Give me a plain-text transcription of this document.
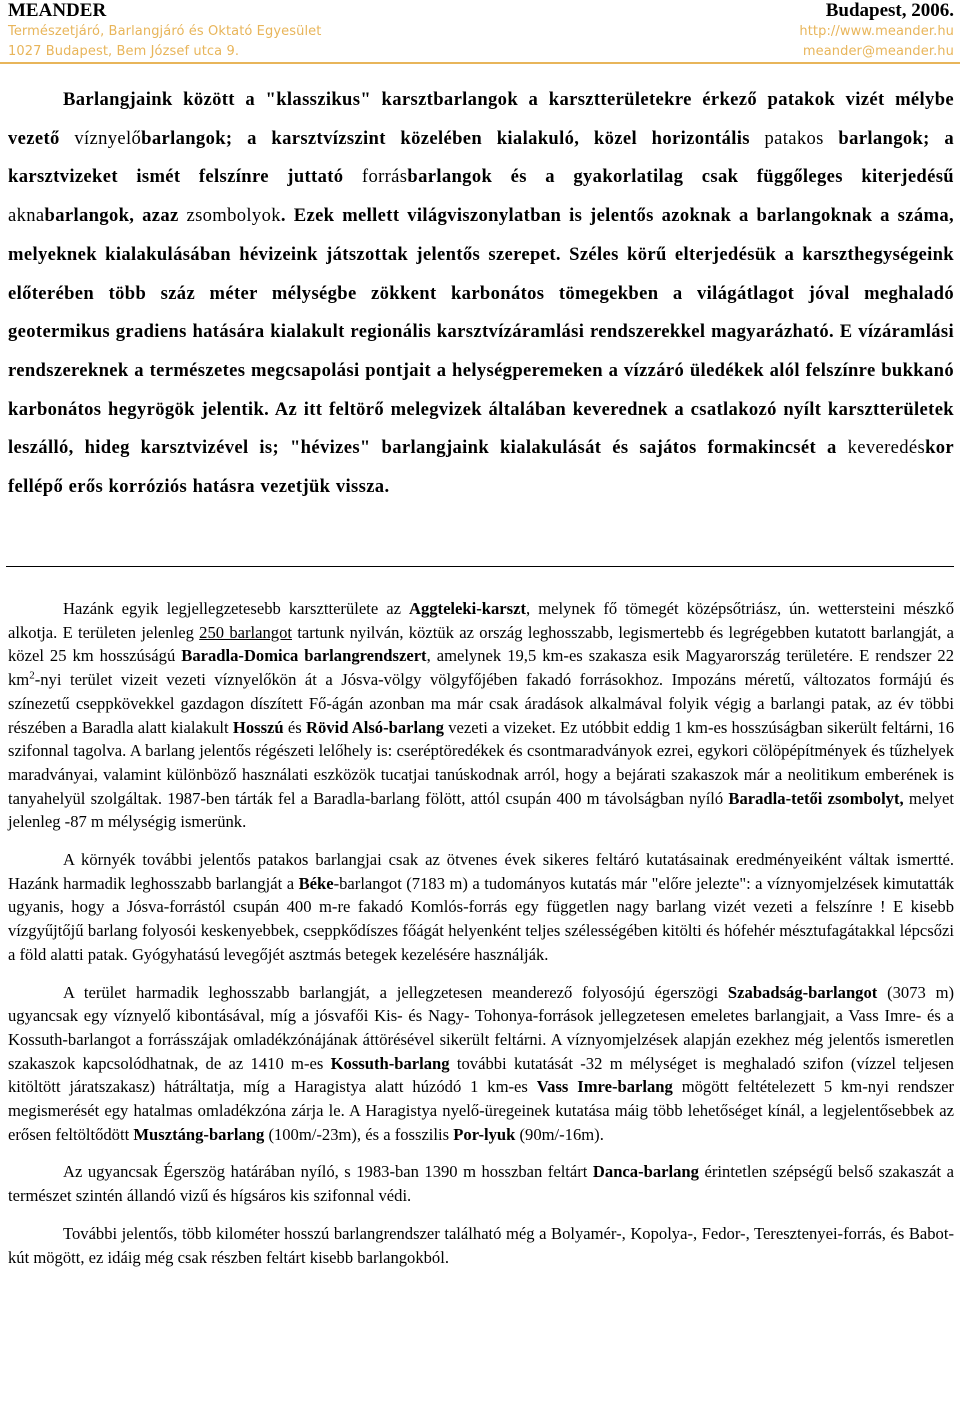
MEANDER
Természetjáró, Barlangjáró és Oktató Egyesület
1027 Budapest, Bem József utca 9.
Budapest, 2006.
http://www.meander.hu
meander@meander.hu

Barlangjaink között a "klasszikus" karsztbarlangok a karsztterületekre érkező patakok vizét mélybe vezető víznyelőbarlangok; a karsztvízszint közelében kialakuló, közel horizontális patakos barlangok; a karsztvizeket ismét felszínre juttató forrásbarlangok és a gyakorlatilag csak függőleges kiterjedésű aknabarlangok, azaz zsombolyok. Ezek mellett világviszonylatban is jelentős azoknak a barlangoknak a száma, melyeknek kialakulásában hévizeink játszottak jelentős szerepet. Széles körű elterjedésük a karszthegységeink előterében több száz méter mélységbe zökkent karbonátos tömegekben a világátlagot jóval meghaladó geotermikus gradiens hatására kialakult regionális karsztvízáramlási rendszerekkel magyarázható. E vízáramlási rendszereknek a természetes megcsapolási pontjait a helységperemeken a vízzáró üledékek alól felszínre bukkanó karbonátos hegyrögök jelentik. Az itt feltörő melegvizek általában keverednek a csatlakozó nyílt karsztterületek leszálló, hideg karsztvizével is; "hévizes" barlangjaink kialakulását és sajátos formakincsét a keveredéskor fellépő erős korróziós hatásra vezetjük vissza.

Hazánk egyik legjellegzetesebb karsztterülete az Aggteleki-karszt, melynek fő tömegét középsőtriász, ún. wettersteini mészkő alkotja. E területen jelenleg 250 barlangot tartunk nyilván, köztük az ország leghosszabb, legismertebb és legrégebben kutatott barlangját, a közel 25 km hosszúságú Baradla-Domica barlangrendszert, amelynek 19,5 km-es szakasza esik Magyarország területére. E rendszer 22 $km^2$-nyi terület vizeit vezeti víznyelőkön át a Jósva-völgy völgyfőjében fakadó forrásokhoz. Impozáns méretű, változatos formájú és színezetű cseppkövekkel gazdagon díszített Fő-ágán azonban ma már csak áradások alkalmával folyik végig a barlangi patak, az év többi részében a Baradla alatt kialakult Hosszú és Rövid Alsó-barlang vezeti a vizeket. Ez utóbbit eddig 1 km-es hosszúságban sikerült feltárni, 16 szifonnal tagolva. A barlang jelentős régészeti lelőhely is: cseréptöredékek és csontmaradványok ezrei, egykori cölöpépítmények és tűzhelyek maradványai, valamint különböző használati eszközök tucatjai tanúskodnak arról, hogy a bejárati szakaszok már a neolitikum emberének is tanyahelyül szolgáltak. 1987-ben tárták fel a Baradla-barlang fölött, attól csupán 400 m távolságban nyíló Baradla-tetői zsombolyt, melyet jelenleg -87 m mélységig ismerünk.

A környék további jelentős patakos barlangjai csak az ötvenes évek sikeres feltáró kutatásainak eredményeiként váltak ismertté. Hazánk harmadik leghosszabb barlangját a Béke-barlangot (7183 m) a tudományos kutatás már "előre jelezte": a víznyomjelzések kimutatták ugyanis, hogy a Jósva-forrástól csupán 400 m-re fakadó Komlós-forrás egy független nagy barlang vizét vezeti a felszínre ! E kisebb vízgyűjtőjű barlang folyosói keskenyebbek, cseppkődíszes főágát helyenként teljes szélességében kitölti és hófehér mésztufagátakkal lépcsőzi a föld alatti patak. Gyógyhatású levegőjét asztmás betegek kezelésére használják.

A terület harmadik leghosszabb barlangját, a jellegzetesen meanderező folyosójú égerszögi Szabadság-barlangot (3073 m) ugyancsak egy víznyelő kibontásával, míg a jósvafői Kis- és Nagy- Tohonya-források jellegzetesen emeletes barlangjait, a Vass Imre- és a Kossuth-barlangot a forrásszájak omladékzónájának áttörésével sikerült feltárni. A víznyomjelzések alapján ezekhez még jelentős ismeretlen szakaszok kapcsolódhatnak, de az 1410 m-es Kossuth-barlang további kutatását -32 m mélységet is meghaladó szifon (vízzel teljesen kitöltött járatszakasz) hátráltatja, míg a Haragistya alatt húzódó 1 km-es Vass Imre-barlang mögött feltételezett 5 km-nyi rendszer megismerését egy hatalmas omladékzóna zárja le. A Haragistya nyelő-üregeinek kutatása máig több lehetőséget kínál, a legjelentősebbek az erősen feltöltődött Musztáng-barlang (100m/-23m), és a fosszilis Por-lyuk (90m/-16m).

Az ugyancsak Égerszög határában nyíló, s 1983-ban 1390 m hosszban feltárt Danca-barlang érintetlen szépségű belső szakaszát a természet szintén állandó vizű és hígsáros kis szifonnal védi.

További jelentős, több kilométer hosszú barlangrendszer található még a Bolyamér-, Kopolya-, Fedor-, Teresztenyei-forrás, és Babot-kút mögött, ez idáig még csak részben feltárt kisebb barlangokból.
